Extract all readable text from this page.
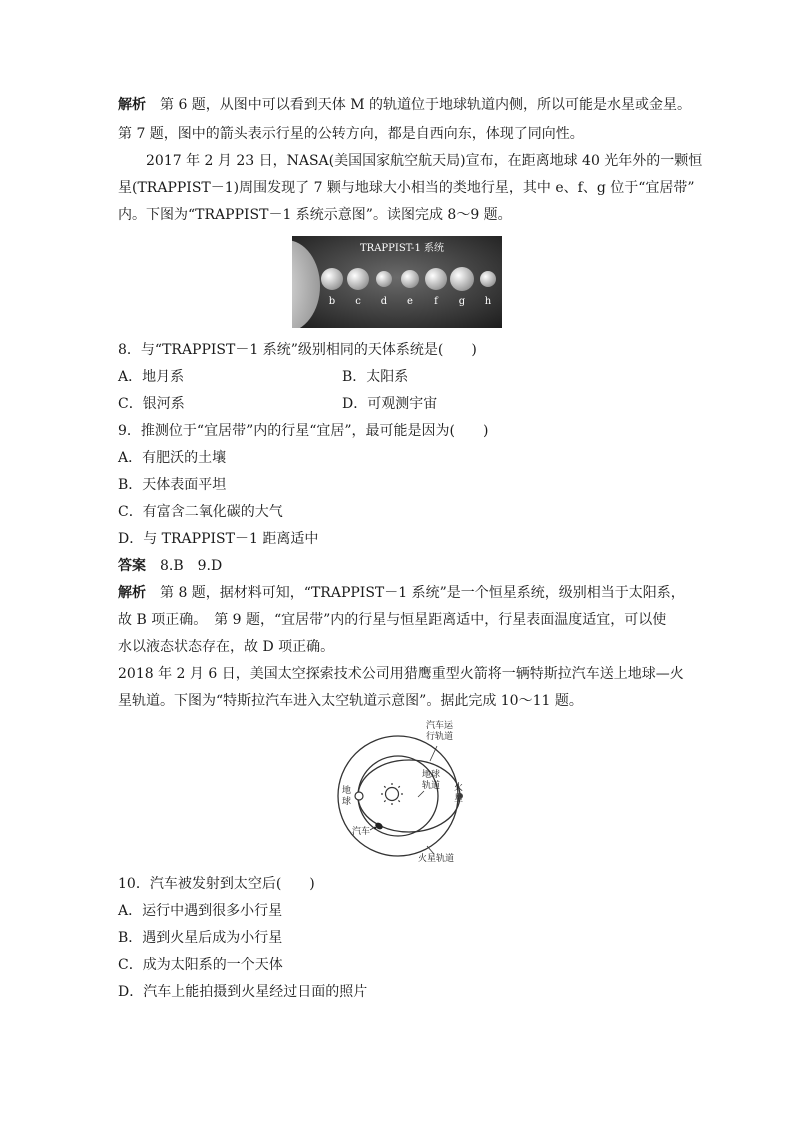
解析　第 6 题，从图中可以看到天体 M 的轨道位于地球轨道内侧，所以可能是水星或金星。
第 7 题，图中的箭头表示行星的公转方向，都是自西向东，体现了同向性。
2017 年 2 月 23 日，NASA(美国国家航空航天局)宣布，在距离地球 40 光年外的一颗恒
星(TRAPPIST－1)周围发现了 7 颗与地球大小相当的类地行星，其中 e、f、g 位于“宜居带”
内。下图为“TRAPPIST－1 系统示意图”。读图完成 8～9 题。
TRAPPIST-1 系统
b c d e f g h
8．与“TRAPPIST－1 系统”级别相同的天体系统是(　　)
A．地月系	B．太阳系
C．银河系	D．可观测宇宙
9．推测位于“宜居带”内的行星“宜居”，最可能是因为(　　)
A．有肥沃的土壤
B．天体表面平坦
C．有富含二氧化碳的大气
D．与 TRAPPIST－1 距离适中
答案　8.B　9.D
解析　第 8 题，据材料可知，“TRAPPIST－1 系统”是一个恒星系统，级别相当于太阳系，
故 B 项正确。　第 9 题，“宜居带”内的行星与恒星距离适中，行星表面温度适宜，可以使
水以液态状态存在，故 D 项正确。
2018 年 2 月 6 日，美国太空探索技术公司用猎鹰重型火箭将一辆特斯拉汽车送上地球—火
星轨道。下图为“特斯拉汽车进入太空轨道示意图”。据此完成 10～11 题。
汽车运
行轨道
地球
轨道
地
球
火
星
汽车
火星轨道
10．汽车被发射到太空后(　　)
A．运行中遇到很多小行星
B．遇到火星后成为小行星
C．成为太阳系的一个天体
D．汽车上能拍摄到火星经过日面的照片
